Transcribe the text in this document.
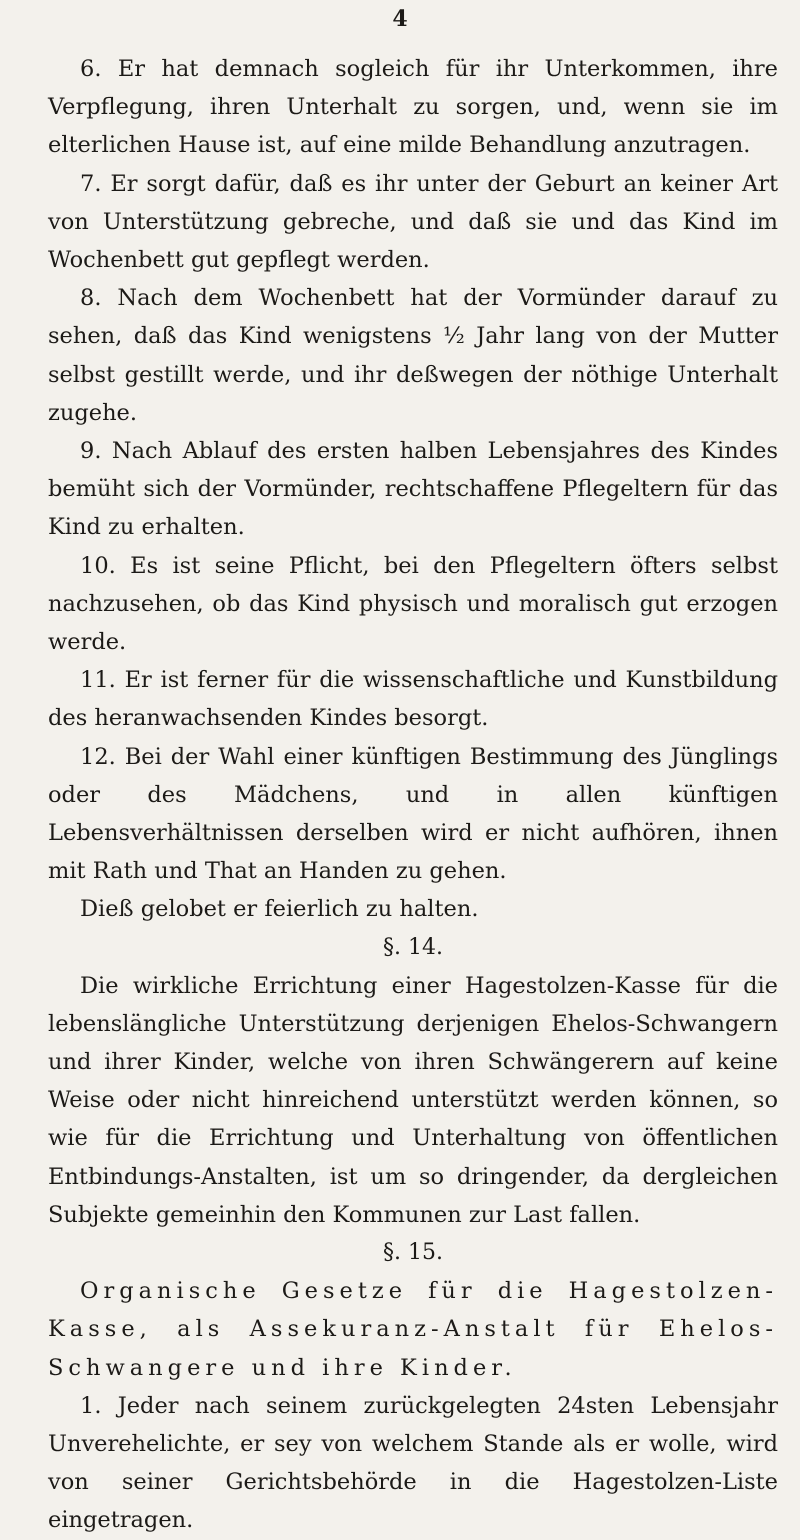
4

6. Er hat demnach sogleich für ihr Unterkommen, ihre Verpflegung, ihren Unterhalt zu sorgen, und, wenn sie im elterlichen Hause ist, auf eine milde Behandlung anzutragen.

7. Er sorgt dafür, daß es ihr unter der Geburt an keiner Art von Unterstützung gebreche, und daß sie und das Kind im Wochenbett gut gepflegt werden.

8. Nach dem Wochenbett hat der Vormünder darauf zu sehen, daß das Kind wenigstens ½ Jahr lang von der Mutter selbst gestillt werde, und ihr deßwegen der nöthige Unterhalt zugehe.

9. Nach Ablauf des ersten halben Lebensjahres des Kindes bemüht sich der Vormünder, rechtschaffene Pflegeltern für das Kind zu erhalten.

10. Es ist seine Pflicht, bei den Pflegeltern öfters selbst nachzusehen, ob das Kind physisch und moralisch gut erzogen werde.

11. Er ist ferner für die wissenschaftliche und Kunstbildung des heranwachsenden Kindes besorgt.

12. Bei der Wahl einer künftigen Bestimmung des Jünglings oder des Mädchens, und in allen künftigen Lebensverhältnissen derselben wird er nicht aufhören, ihnen mit Rath und That an Handen zu gehen.

Dieß gelobet er feierlich zu halten.

§. 14.

Die wirkliche Errichtung einer Hagestolzen-Kasse für die lebenslängliche Unterstützung derjenigen Ehelos-Schwangern und ihrer Kinder, welche von ihren Schwängerern auf keine Weise oder nicht hinreichend unterstützt werden können, so wie für die Errichtung und Unterhaltung von öffentlichen Entbindungs-Anstalten, ist um so dringender, da dergleichen Subjekte gemeinhin den Kommunen zur Last fallen.

§. 15.

Organische Gesetze für die Hagestolzen-Kasse, als Assekuranz-Anstalt für Ehelos-Schwangere und ihre Kinder.

1. Jeder nach seinem zurückgelegten 24sten Lebensjahr Unverehelichte, er sey von welchem Stande als er wolle, wird von seiner Gerichtsbehörde in die Hagestolzen-Liste eingetragen.
